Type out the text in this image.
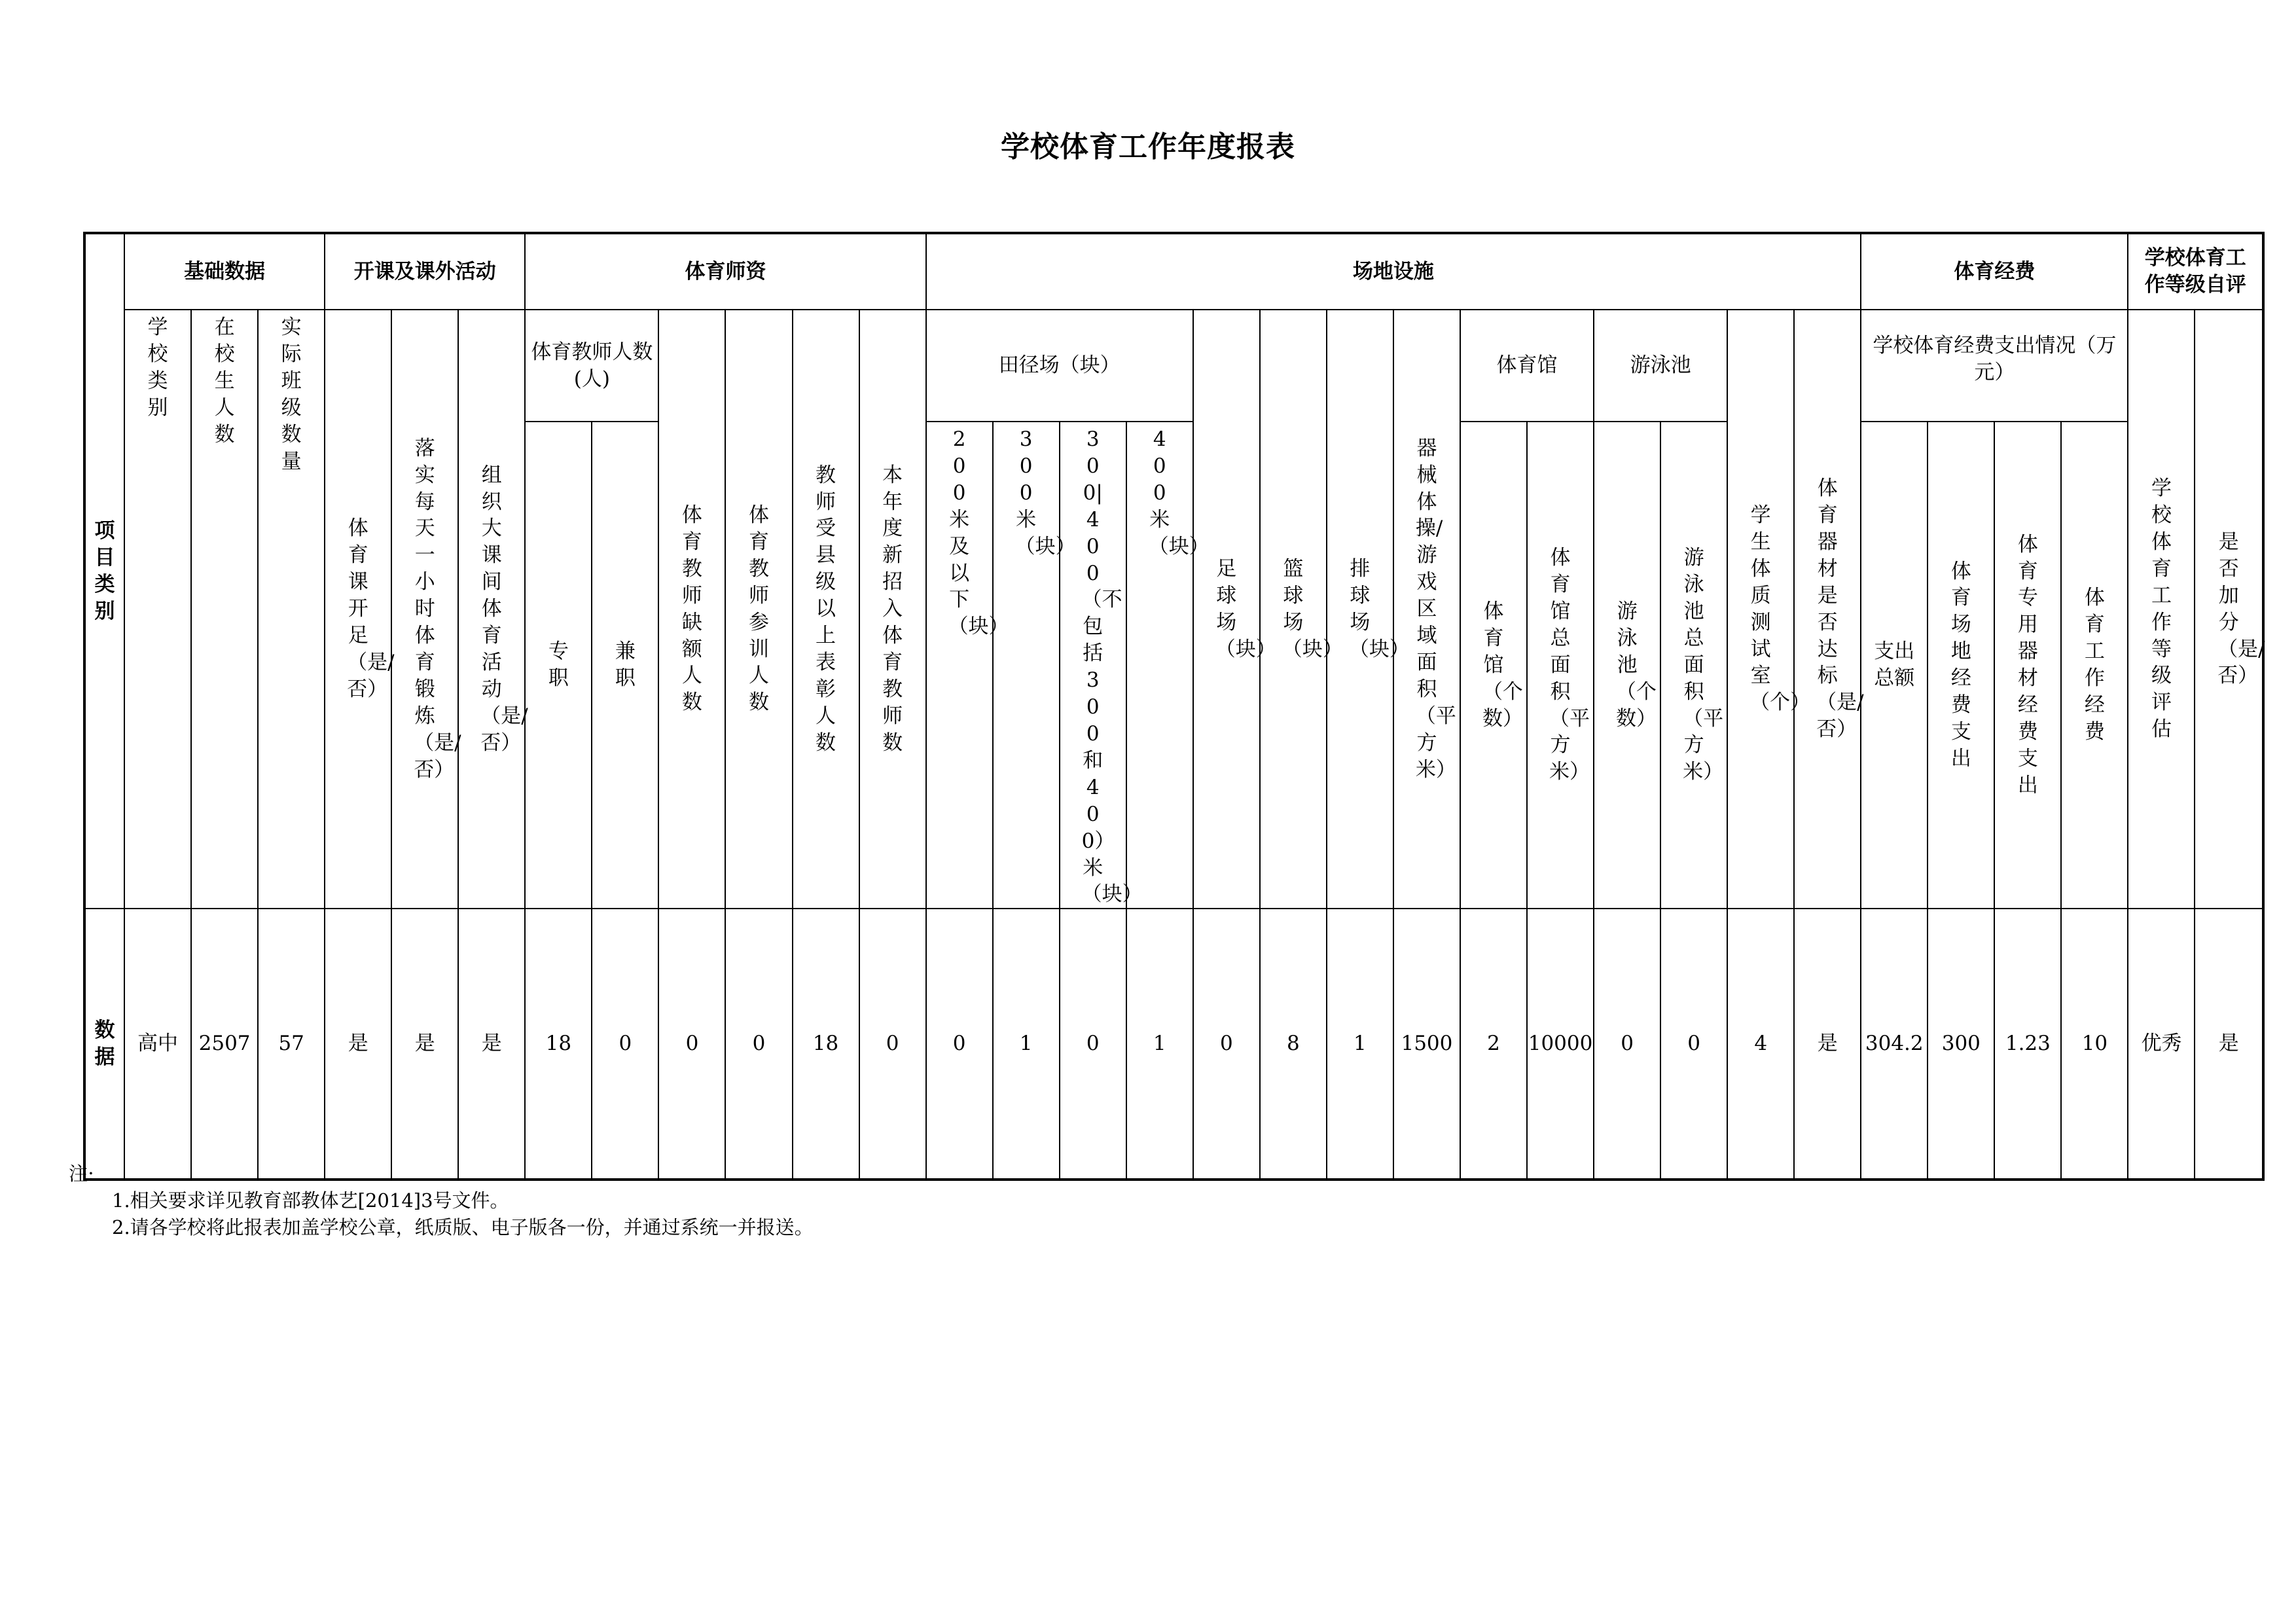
学校体育工作年度报表
项目类别	基础数据			开课及课外活动			体育师资						场地设施														体育经费				学校体育工作等级自评	
	学校类别	在校生人数	实际班级数量	体育课开足（是/否）	落实每天一小时体育锻炼（是/否）	组织大课间体育活动（是/否）	体育教师人数(人)		体育教师缺额人数	体育教师参训人数	教师受县级以上表彰人数	本年度新招入体育教师数	田径场（块）				足球场（块）	篮球场（块）	排球场（块）	器械体操/游戏区域面积（平方米）	体育馆		游泳池		学生体质测试室（个）	体育器材是否达标（是/否）	学校体育经费支出情况（万元）				学校体育工作等级评估	是否加分（是/否）
							专职	兼职					200米及以下（块）	300米（块）	300|400（不包括300和400）米（块）	400米（块）					体育馆（个数）	体育馆总面积（平方米）	游泳池（个数）	游泳池总面积（平方米）			支出总额	体育场地经费支出	体育专用器材经费支出	体育工作经费		

数据	高中	2507	57	是	是	是	18	0	0	0	18	0	0	1	0	1	0	8	1	1500	2	10000	0	0	4	是	304.2	300	1.23	10	优秀	是
注:
1.相关要求详见教育部教体艺[2014]3号文件。
2.请各学校将此报表加盖学校公章，纸质版、电子版各一份，并通过系统一并报送。
